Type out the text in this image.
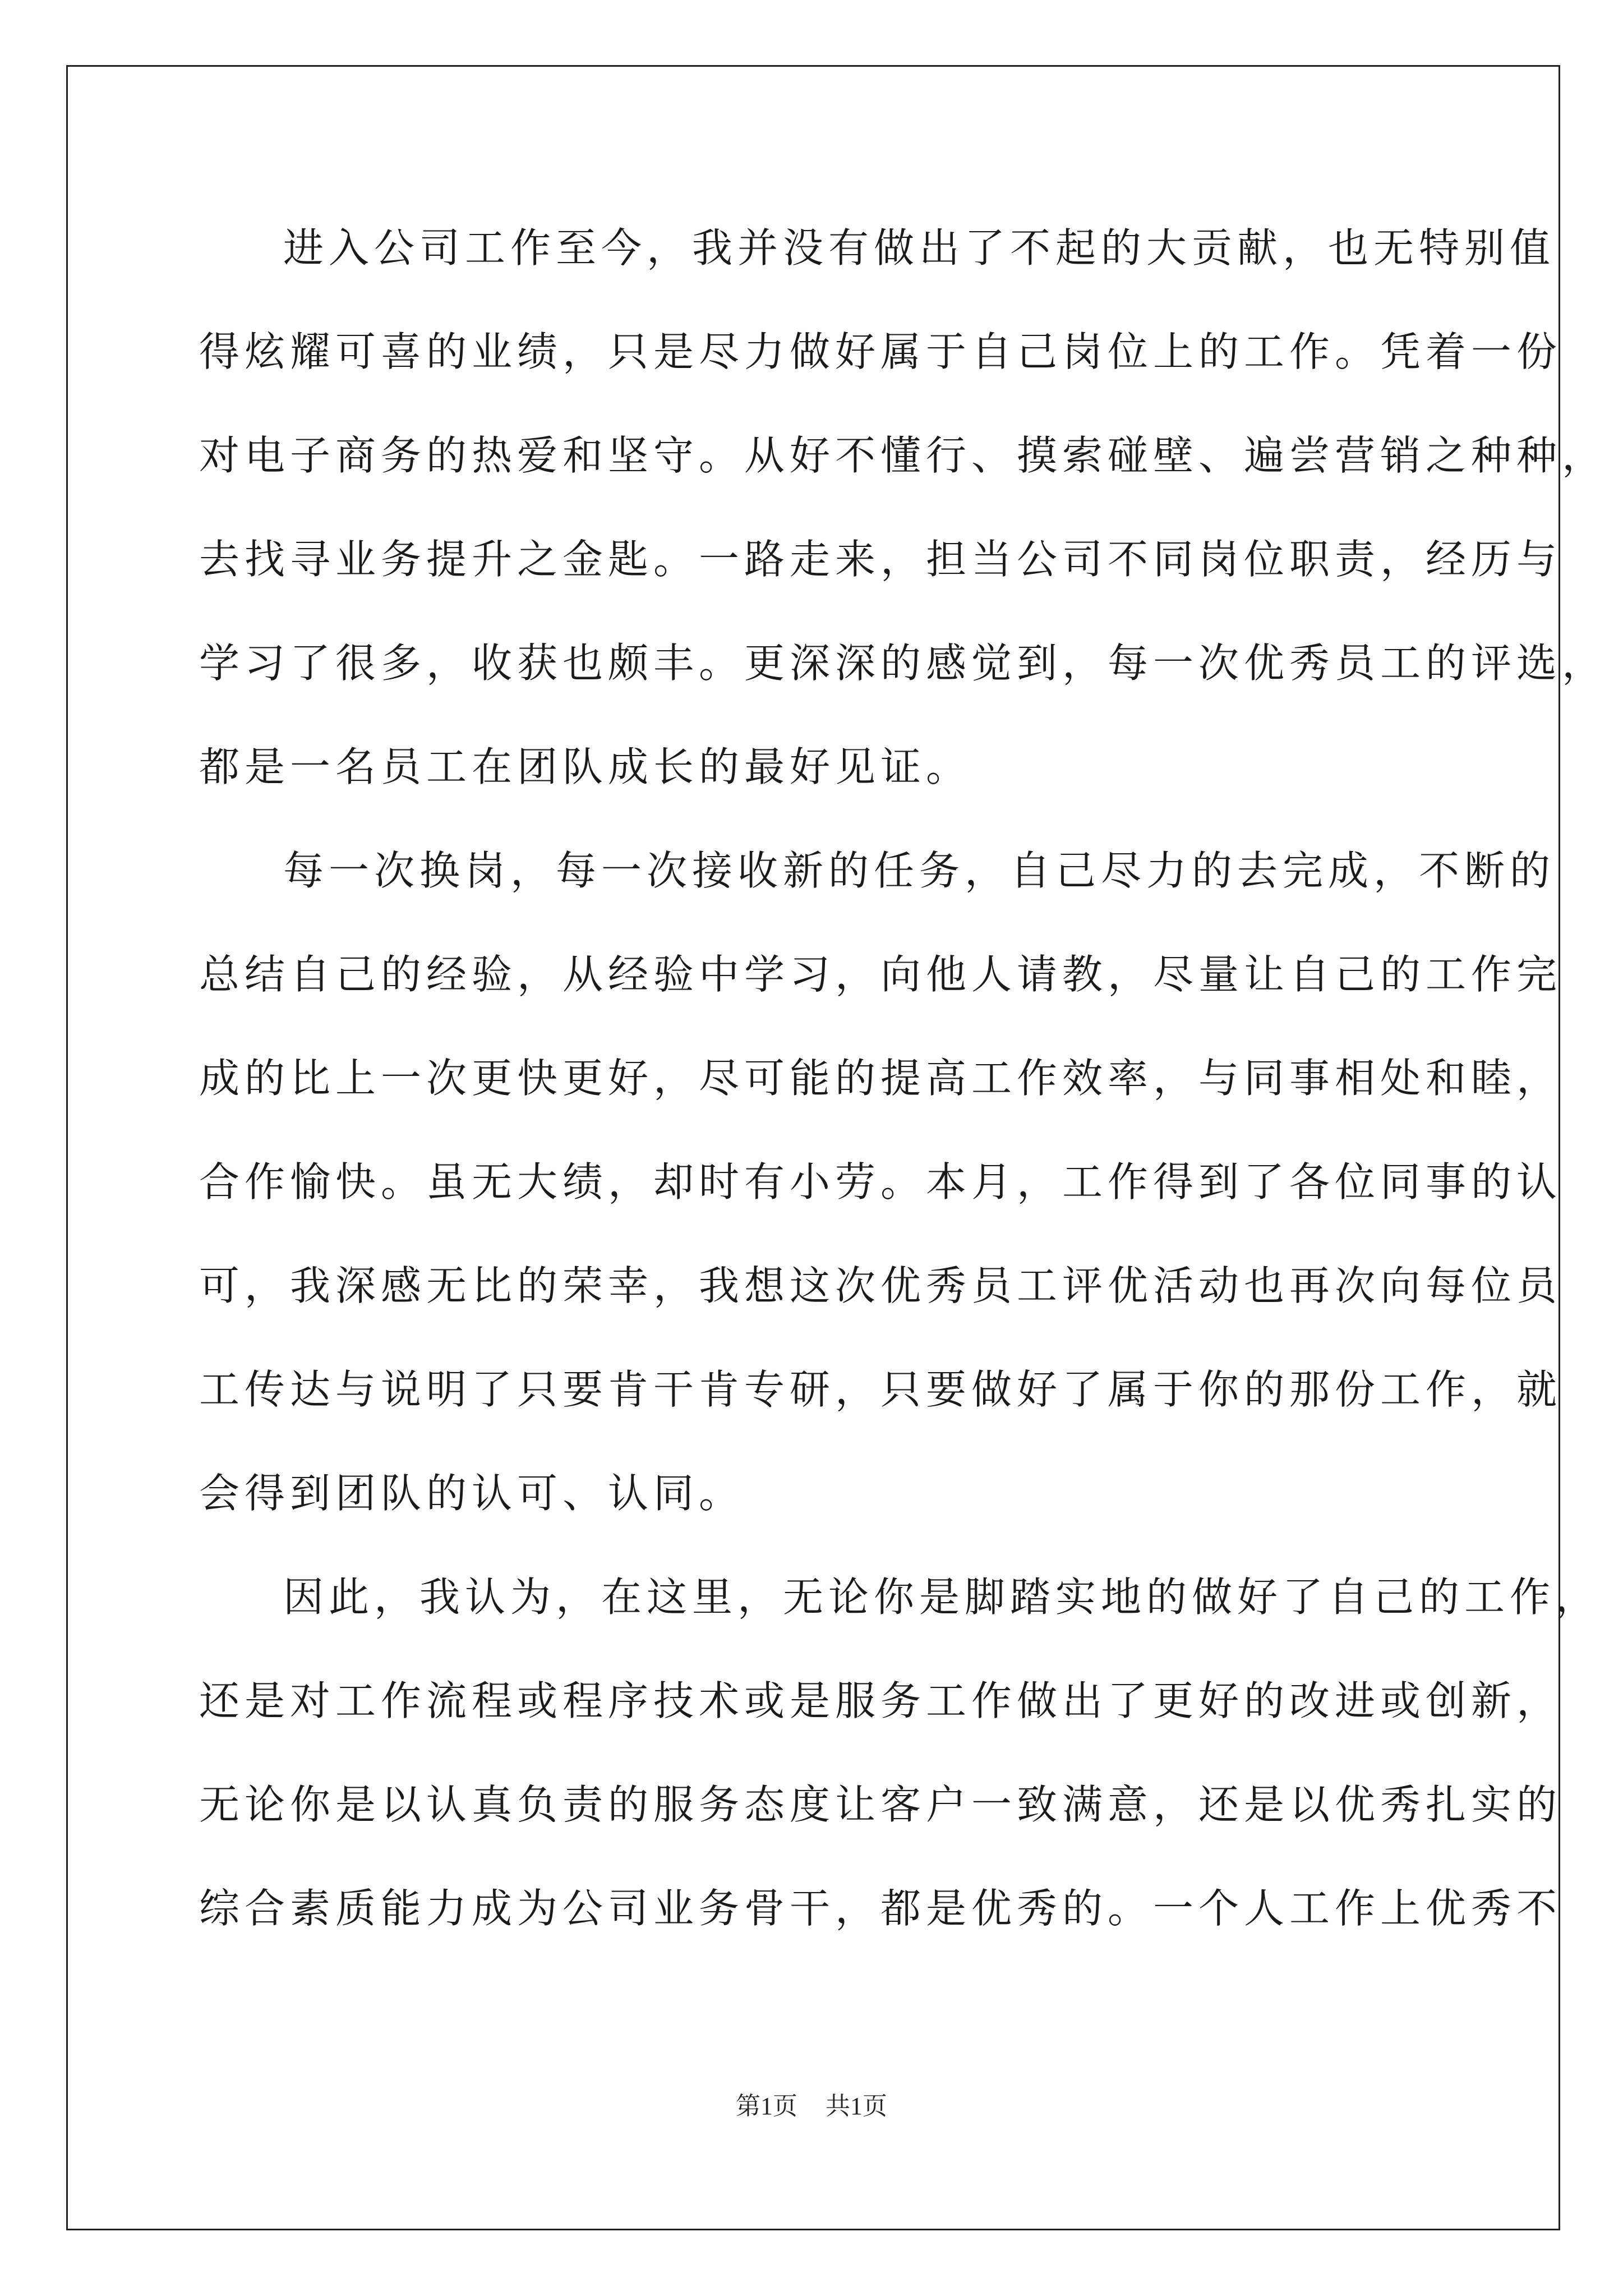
进入公司工作至今，我并没有做出了不起的大贡献，也无特别值
得炫耀可喜的业绩，只是尽力做好属于自己岗位上的工作。凭着一份
对电子商务的热爱和坚守。从好不懂行、摸索碰壁、遍尝营销之种种，
去找寻业务提升之金匙。一路走来，担当公司不同岗位职责，经历与
学习了很多，收获也颇丰。更深深的感觉到，每一次优秀员工的评选，
都是一名员工在团队成长的最好见证。
每一次换岗，每一次接收新的任务，自己尽力的去完成，不断的
总结自己的经验，从经验中学习，向他人请教，尽量让自己的工作完
成的比上一次更快更好，尽可能的提高工作效率，与同事相处和睦，
合作愉快。虽无大绩，却时有小劳。本月，工作得到了各位同事的认
可，我深感无比的荣幸，我想这次优秀员工评优活动也再次向每位员
工传达与说明了只要肯干肯专研，只要做好了属于你的那份工作，就
会得到团队的认可、认同。
因此，我认为，在这里，无论你是脚踏实地的做好了自己的工作，
还是对工作流程或程序技术或是服务工作做出了更好的改进或创新，
无论你是以认真负责的服务态度让客户一致满意，还是以优秀扎实的
综合素质能力成为公司业务骨干，都是优秀的。一个人工作上优秀不
第1页 共1页
